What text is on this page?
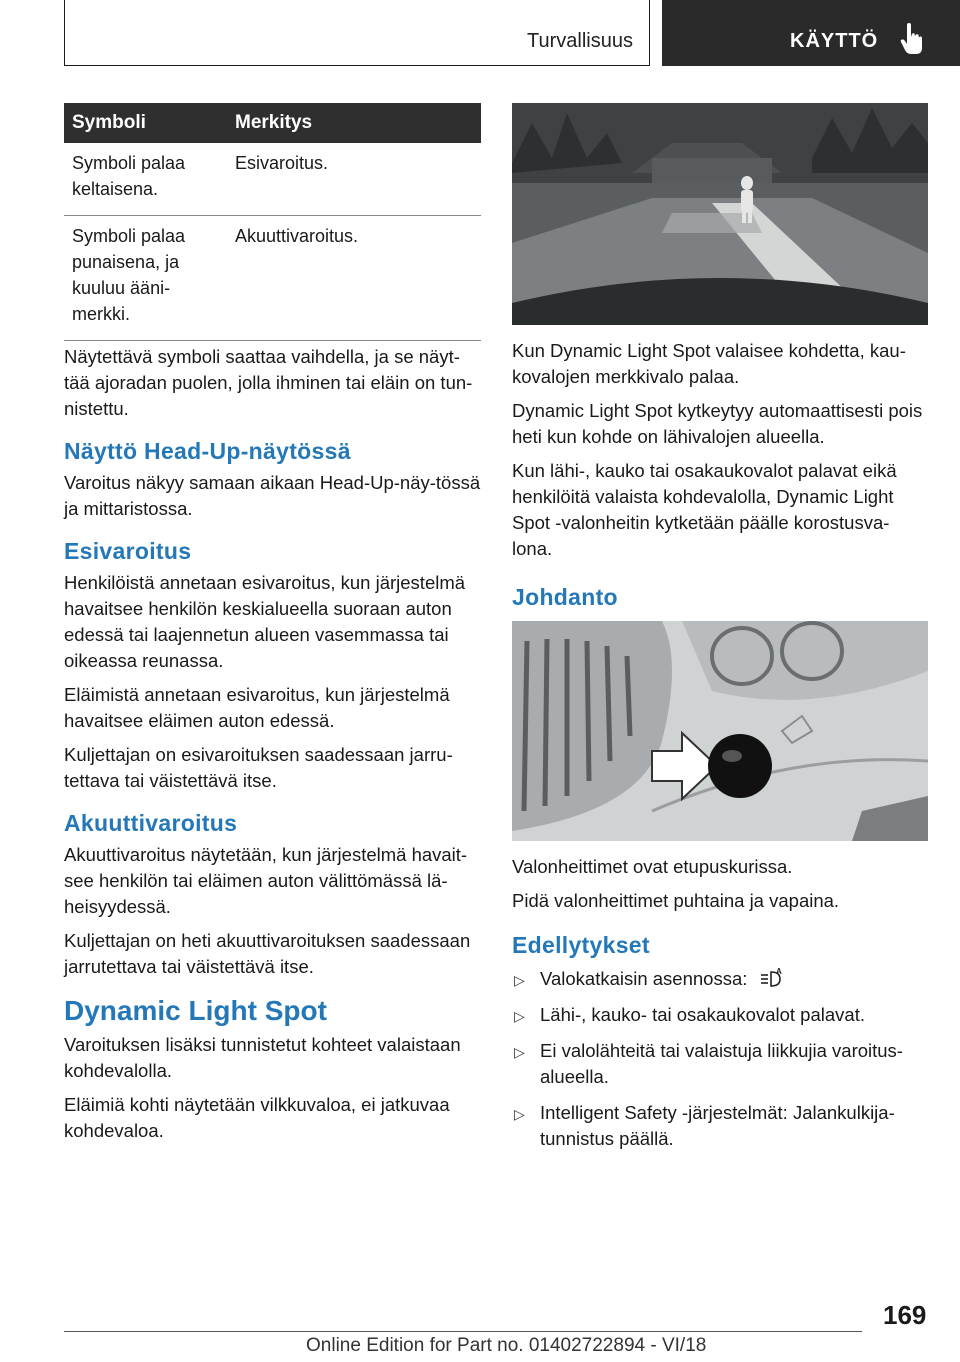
Turvallisuus	KÄYTTÖ
Symboli	Merkitys
Symboli palaa keltaisena.	Esivaroitus.
Symboli palaa punaisena, ja kuuluu ääni-merkki.	Akuuttivaroitus.

Näytettävä symboli saattaa vaihdella, ja se näyt-tää ajoradan puolen, jolla ihminen tai eläin on tun-nistettu.

Näyttö Head-Up-näytössä

Varoitus näkyy samaan aikaan Head-Up-näy-tössä ja mittaristossa.

Esivaroitus

Henkilöistä annetaan esivaroitus, kun järjestelmä havaitsee henkilön keskialueella suoraan auton edessä tai laajennetun alueen vasemmassa tai oikeassa reunassa.

Eläimistä annetaan esivaroitus, kun järjestelmä havaitsee eläimen auton edessä.

Kuljettajan on esivaroituksen saadessaan jarru-tettava tai väistettävä itse.

Akuuttivaroitus

Akuuttivaroitus näytetään, kun järjestelmä havait-see henkilön tai eläimen auton välittömässä lä-heisyydessä.

Kuljettajan on heti akuuttivaroituksen saadessaan jarrutettava tai väistettävä itse.

Dynamic Light Spot

Varoituksen lisäksi tunnistetut kohteet valaistaan kohdevalolla.

Eläimiä kohti näytetään vilkkuvaloa, ei jatkuvaa kohdevaloa.

Kun Dynamic Light Spot valaisee kohdetta, kau-kovalojen merkkivalo palaa.

Dynamic Light Spot kytkeytyy automaattisesti pois heti kun kohde on lähivalojen alueella.

Kun lähi-, kauko tai osakaukovalot palavat eikä henkilöitä valaista kohdevalolla, Dynamic Light Spot -valonheitin kytketään päälle korostusva-lona.

Johdanto

Valonheittimet ovat etupuskurissa.

Pidä valonheittimet puhtaina ja vapaina.

Edellytykset
▷ Valokatkaisin asennossa:	A
▷ Lähi-, kauko- tai osakaukovalot palavat.
▷ Ei valolähteitä tai valaistuja liikkujia varoitus-alueella.
▷ Intelligent Safety -järjestelmät: Jalankulkija-tunnistus päällä.
169
Online Edition for Part no. 01402722894 - VI/18
